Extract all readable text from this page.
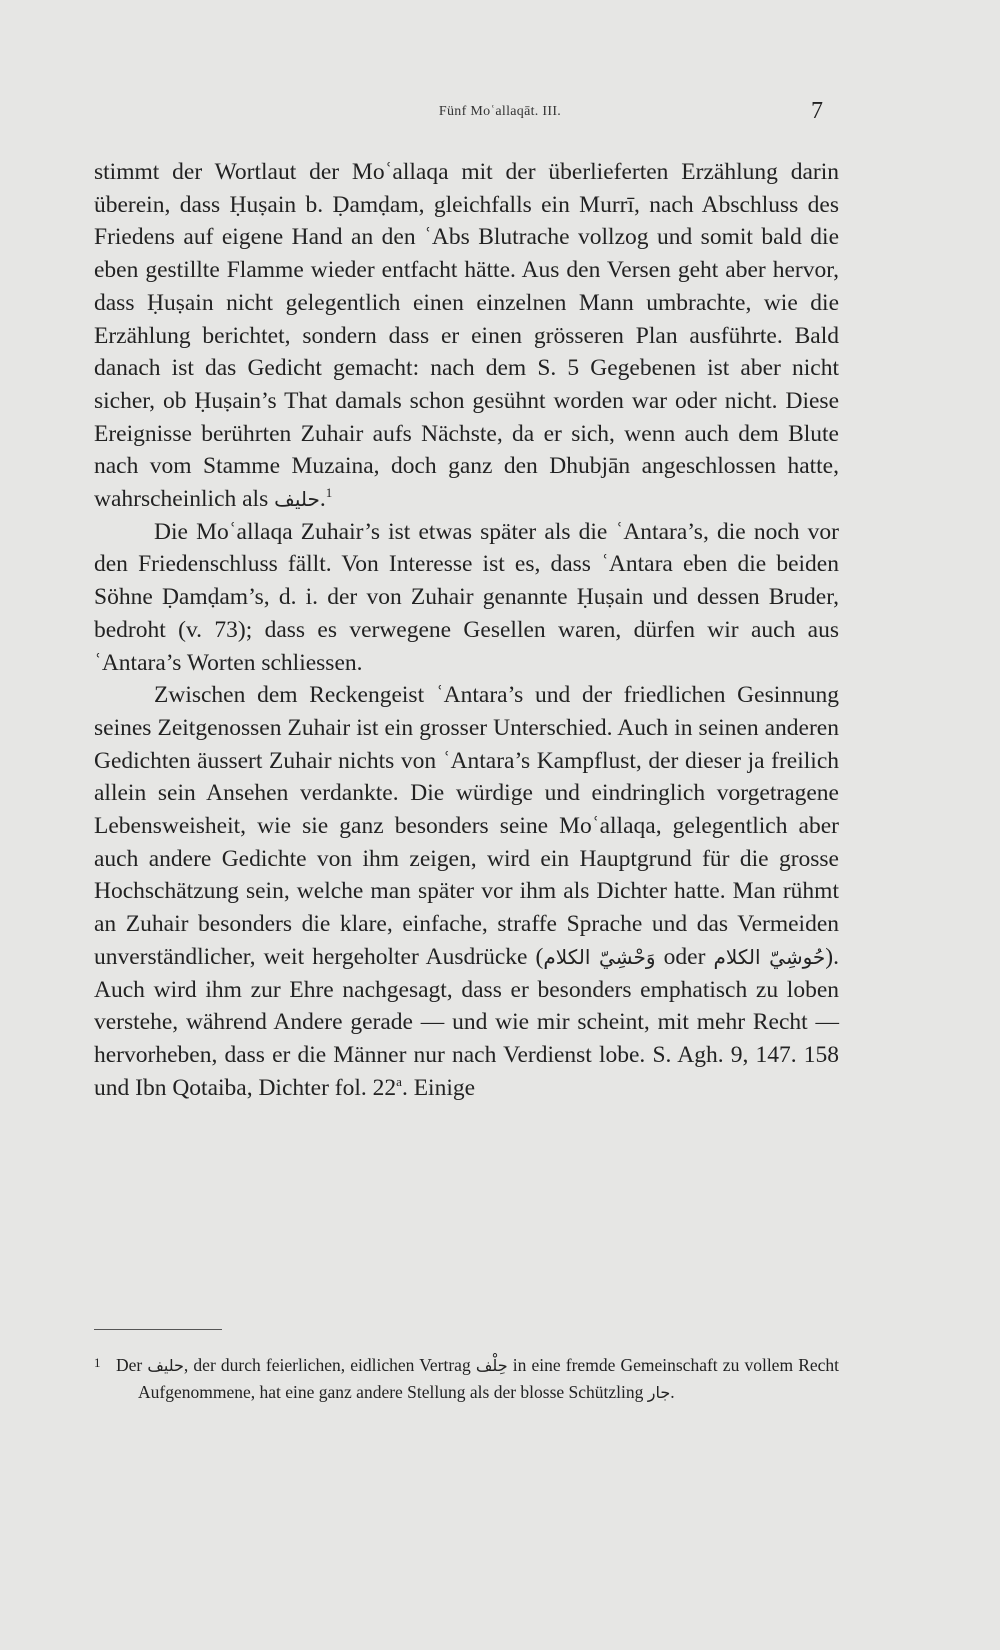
Fünf Moʿallaqāt. III.	7

stimmt der Wortlaut der Moʿallaqa mit der überlieferten Erzählung darin überein, dass Ḥuṣain b. Ḍamḍam, gleichfalls ein Murrī, nach Abschluss des Friedens auf eigene Hand an den ʿAbs Blutrache vollzog und somit bald die eben gestillte Flamme wieder entfacht hätte. Aus den Versen geht aber hervor, dass Ḥuṣain nicht gelegentlich einen einzelnen Mann umbrachte, wie die Erzählung berichtet, sondern dass er einen grösseren Plan ausführte. Bald danach ist das Gedicht gemacht: nach dem S. 5 Gegebenen ist aber nicht sicher, ob Ḥuṣain’s That damals schon gesühnt worden war oder nicht. Diese Ereignisse berührten Zuhair aufs Nächste, da er sich, wenn auch dem Blute nach vom Stamme Muzaina, doch ganz den Dhubjān angeschlossen hatte, wahrscheinlich als حليف.$^1$

Die Moʿallaqa Zuhair’s ist etwas später als die ʿAntara’s, die noch vor den Friedenschluss fällt. Von Interesse ist es, dass ʿAntara eben die beiden Söhne Ḍamḍam’s, d. i. der von Zuhair genannte Ḥuṣain und dessen Bruder, bedroht (v. 73); dass es verwegene Gesellen waren, dürfen wir auch aus ʿAntara’s Worten schliessen.

Zwischen dem Reckengeist ʿAntara’s und der friedlichen Gesinnung seines Zeitgenossen Zuhair ist ein grosser Unterschied. Auch in seinen anderen Gedichten äussert Zuhair nichts von ʿAntara’s Kampflust, der dieser ja freilich allein sein Ansehen verdankte. Die würdige und eindringlich vorgetragene Lebensweisheit, wie sie ganz besonders seine Moʿallaqa, gelegentlich aber auch andere Gedichte von ihm zeigen, wird ein Hauptgrund für die grosse Hochschätzung sein, welche man später vor ihm als Dichter hatte. Man rühmt an Zuhair besonders die klare, einfache, straffe Sprache und das Vermeiden unverständlicher, weit hergeholter Ausdrücke (وَحْشِيّ الكلام oder حُوشِيّ الكلام). Auch wird ihm zur Ehre nachgesagt, dass er besonders emphatisch zu loben verstehe, während Andere gerade — und wie mir scheint, mit mehr Recht — hervorheben, dass er die Männer nur nach Verdienst lobe. S. Agh. 9, 147. 158 und Ibn Qotaiba, Dichter fol. 22$^a$. Einige

$^1$ Der حليف, der durch feierlichen, eidlichen Vertrag حِلْف in eine fremde Gemeinschaft zu vollem Recht Aufgenommene, hat eine ganz andere Stellung als der blosse Schützling جار.
